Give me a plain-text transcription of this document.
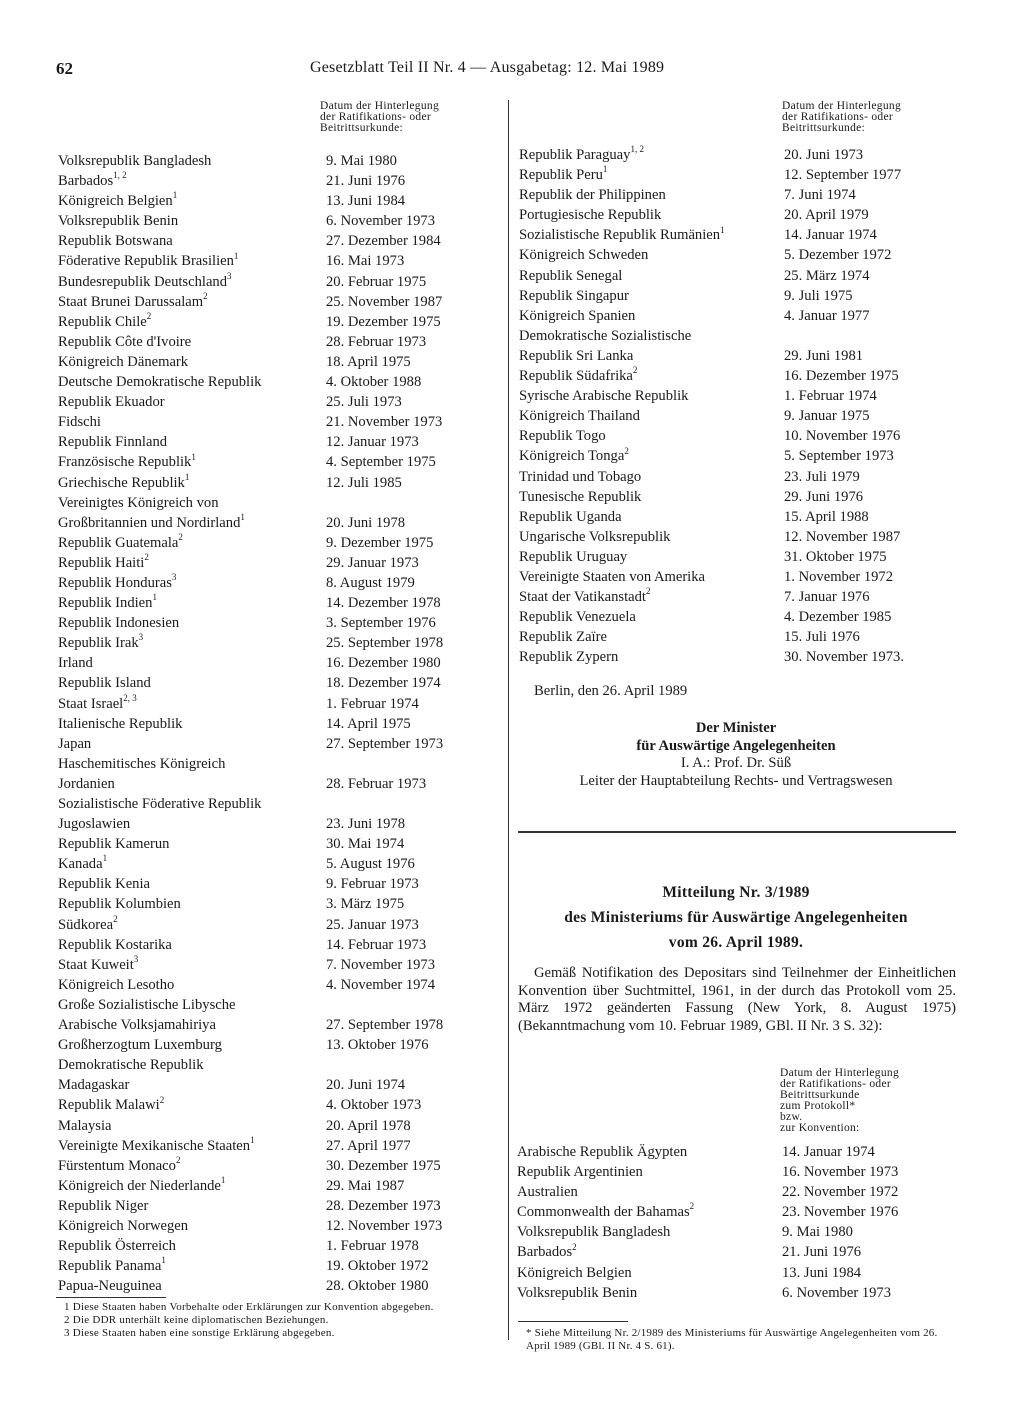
62	Gesetzblatt Teil II Nr. 4 — Ausgabetag: 12. Mai 1989

Datum der Hinterlegung

der Ratifikations- oder

Beitrittsurkunde:

Volksrepublik Bangladesh	9. Mai 1980
Barbados$^{1, 2}$	21. Juni 1976
Königreich Belgien$^1$	13. Juni 1984
Volksrepublik Benin	6. November 1973
Republik Botswana	27. Dezember 1984
Föderative Republik Brasilien$^1$	16. Mai 1973
Bundesrepublik Deutschland$^3$	20. Februar 1975
Staat Brunei Darussalam$^2$	25. November 1987
Republik Chile$^2$	19. Dezember 1975
Republik Côte d'Ivoire	28. Februar 1973
Königreich Dänemark	18. April 1975
Deutsche Demokratische Republik	4. Oktober 1988
Republik Ekuador	25. Juli 1973
Fidschi	21. November 1973
Republik Finnland	12. Januar 1973
Französische Republik$^1$	4. September 1975
Griechische Republik$^1$	12. Juli 1985
Vereinigtes Königreich von
Großbritannien und Nordirland$^1$	20. Juni 1978
Republik Guatemala$^2$	9. Dezember 1975
Republik Haiti$^2$	29. Januar 1973
Republik Honduras$^3$	8. August 1979
Republik Indien$^1$	14. Dezember 1978
Republik Indonesien	3. September 1976
Republik Irak$^3$	25. September 1978
Irland	16. Dezember 1980
Republik Island	18. Dezember 1974
Staat Israel$^{2, 3}$	1. Februar 1974
Italienische Republik	14. April 1975
Japan	27. September 1973
Haschemitisches Königreich
Jordanien	28. Februar 1973
Sozialistische Föderative Republik
Jugoslawien	23. Juni 1978
Republik Kamerun	30. Mai 1974
Kanada$^1$	5. August 1976
Republik Kenia	9. Februar 1973
Republik Kolumbien	3. März 1975
Südkorea$^2$	25. Januar 1973
Republik Kostarika	14. Februar 1973
Staat Kuweit$^3$	7. November 1973
Königreich Lesotho	4. November 1974
Große Sozialistische Libysche
Arabische Volksjamahiriya	27. September 1978
Großherzogtum Luxemburg	13. Oktober 1976
Demokratische Republik
Madagaskar	20. Juni 1974
Republik Malawi$^2$	4. Oktober 1973
Malaysia	20. April 1978
Vereinigte Mexikanische Staaten$^1$	27. April 1977
Fürstentum Monaco$^2$	30. Dezember 1975
Königreich der Niederlande$^1$	29. Mai 1987
Republik Niger	28. Dezember 1973
Königreich Norwegen	12. November 1973
Republik Österreich	1. Februar 1978
Republik Panama$^1$	19. Oktober 1972
Papua-Neuguinea	28. Oktober 1980

1 Diese Staaten haben Vorbehalte oder Erklärungen zur Konvention abgegeben.

2 Die DDR unterhält keine diplomatischen Beziehungen.

3 Diese Staaten haben eine sonstige Erklärung abgegeben.

Datum der Hinterlegung

der Ratifikations- oder

Beitrittsurkunde:

Republik Paraguay$^{1, 2}$	20. Juni 1973
Republik Peru$^1$	12. September 1977
Republik der Philippinen	7. Juni 1974
Portugiesische Republik	20. April 1979
Sozialistische Republik Rumänien$^1$	14. Januar 1974
Königreich Schweden	5. Dezember 1972
Republik Senegal	25. März 1974
Republik Singapur	9. Juli 1975
Königreich Spanien	4. Januar 1977
Demokratische Sozialistische
Republik Sri Lanka	29. Juni 1981
Republik Südafrika$^2$	16. Dezember 1975
Syrische Arabische Republik	1. Februar 1974
Königreich Thailand	9. Januar 1975
Republik Togo	10. November 1976
Königreich Tonga$^2$	5. September 1973
Trinidad und Tobago	23. Juli 1979
Tunesische Republik	29. Juni 1976
Republik Uganda	15. April 1988
Ungarische Volksrepublik	12. November 1987
Republik Uruguay	31. Oktober 1975
Vereinigte Staaten von Amerika	1. November 1972
Staat der Vatikanstadt$^2$	7. Januar 1976
Republik Venezuela	4. Dezember 1985
Republik Zaïre	15. Juli 1976
Republik Zypern	30. November 1973.
Berlin, den 26. April 1989

Der Minister

für Auswärtige Angelegenheiten

I. A.: Prof. Dr. Süß

Leiter der Hauptabteilung Rechts- und Vertragswesen

Mitteilung Nr. 3/1989

des Ministeriums für Auswärtige Angelegenheiten

vom 26. April 1989.

Gemäß Notifikation des Depositars sind Teilnehmer der Einheitlichen Konvention über Suchtmittel, 1961, in der durch das Protokoll vom 25. März 1972 geänderten Fassung (New York, 8. August 1975) (Bekanntmachung vom 10. Februar 1989, GBl. II Nr. 3 S. 32):

Datum der Hinterlegung

der Ratifikations- oder

Beitrittsurkunde

zum Protokoll*

bzw.

zur Konvention:

Arabische Republik Ägypten	14. Januar 1974
Republik Argentinien	16. November 1973
Australien	22. November 1972
Commonwealth der Bahamas$^2$	23. November 1976
Volksrepublik Bangladesh	9. Mai 1980
Barbados$^2$	21. Juni 1976
Königreich Belgien	13. Juni 1984
Volksrepublik Benin	6. November 1973

* Siehe Mitteilung Nr. 2/1989 des Ministeriums für Auswärtige Angelegenheiten vom 26. April 1989 (GBl. II Nr. 4 S. 61).
